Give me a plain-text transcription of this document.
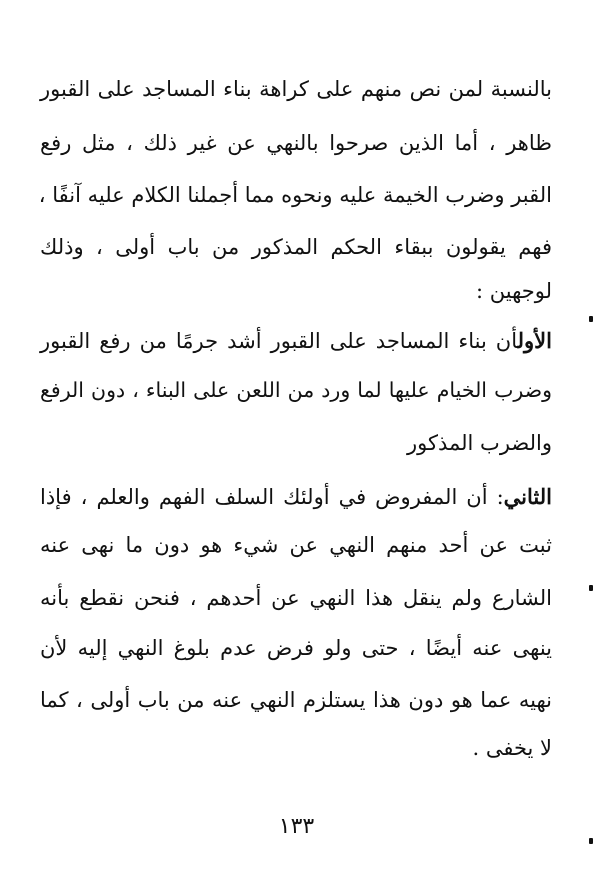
بالنسبة لمن نص منهم على كراهة بناء المساجد على القبور
ظاهر ، أما الذين صرحوا بالنهي عن غير ذلك ، مثل رفع
القبر وضرب الخيمة عليه ونحوه مما أجملنا الكلام عليه آنفًا ،
فهم يقولون ببقاء الحكم المذكور من باب أولى ، وذلك
لوجهين :
الأولأن بناء المساجد على القبور أشد جرمًا من رفع القبور
وضرب الخيام عليها لما ورد من اللعن على البناء ، دون الرفع
والضرب المذكور
الثاني: أن المفروض في أولئك السلف الفهم والعلم ، فإذا
ثبت عن أحد منهم النهي عن شيء هو دون ما نهى عنه
الشارع ولم ينقل هذا النهي عن أحدهم ، فنحن نقطع بأنه
ينهى عنه أيضًا ، حتى ولو فرض عدم بلوغ النهي إليه لأن
نهيه عما هو دون هذا يستلزم النهي عنه من باب أولى ، كما
لا يخفى .
١٣٣
